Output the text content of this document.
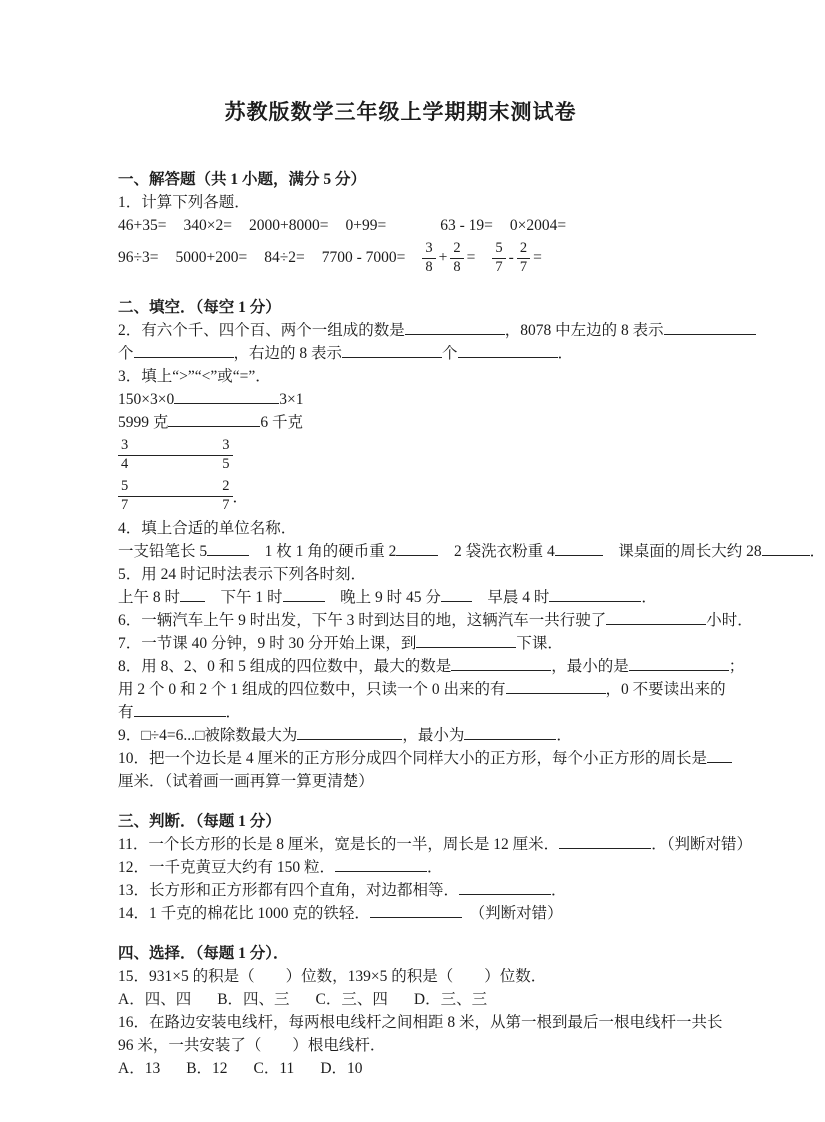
苏教版数学三年级上学期期末测试卷

一、解答题（共 1 小题，满分 5 分）

1．计算下列各题．

46+35= 340×2= 2000+8000= 0+99=	63 - 19= 0×2004=
$96\div 3= 5000+200= 84\div 2= 7700 - 7000= \frac{3}{8} + \frac{2}{8} = \frac{5}{7} - \frac{2}{7}$ =

二、填空．（每空 1 分）

2．有六个千、四个百、两个一组成的数是	，8078 中左边的 8 表示

个	，右边的 8 表示	个	．

3．填上“>”“<”或“=”．

150×3×0	3×1

5999 克	6 千克

$\frac{3}{4}$	$\frac{3}{5}$
$\frac{5}{7}$	$\frac{2}{7}$ ．

4．填上合适的单位名称．

一支铅笔长 5　	1 枚 1 角的硬币重 2　	2 袋洗衣粉重 4　	课桌面的周长大约 28	．

5．用 24 时记时法表示下列各时刻．

上午 8 时　	下午 1 时　	晚上 9 时 45 分　	早晨 4 时	．

6．一辆汽车上午 9 时出发，下午 3 时到达目的地，这辆汽车一共行驶了	小时．

7．一节课 40 分钟，9 时 30 分开始上课，到	下课．

8．用 8、2、0 和 5 组成的四位数中，最大的数是	，最小的是	；

用 2 个 0 和 2 个 1 组成的四位数中，只读一个 0 出来的有	，0 不要读出来的

有	．

9．□÷4=6...□被除数最大为	，最小为	．

10．把一个边长是 4 厘米的正方形分成四个同样大小的正方形，每个小正方形的周长是

厘米．（试着画一画再算一算更清楚）

三、判断．（每题 1 分）

11．一个长方形的长是 8 厘米，宽是长的一半，周长是 12 厘米．	．（判断对错）

12．一千克黄豆大约有 150 粒．	．

13．长方形和正方形都有四个直角，对边都相等．	．

14．1 千克的棉花比 1000 克的铁轻．　	（判断对错）

四、选择．（每题 1 分）．

15．931×5 的积是（　　）位数，139×5 的积是（　　）位数．

A．四、四 B．四、三 C．三、四 D．三、三

16．在路边安装电线杆，每两根电线杆之间相距 8 米，从第一根到最后一根电线杆一共长

96 米，一共安装了（　　）根电线杆．

A．13 B．12 C．11 D．10
